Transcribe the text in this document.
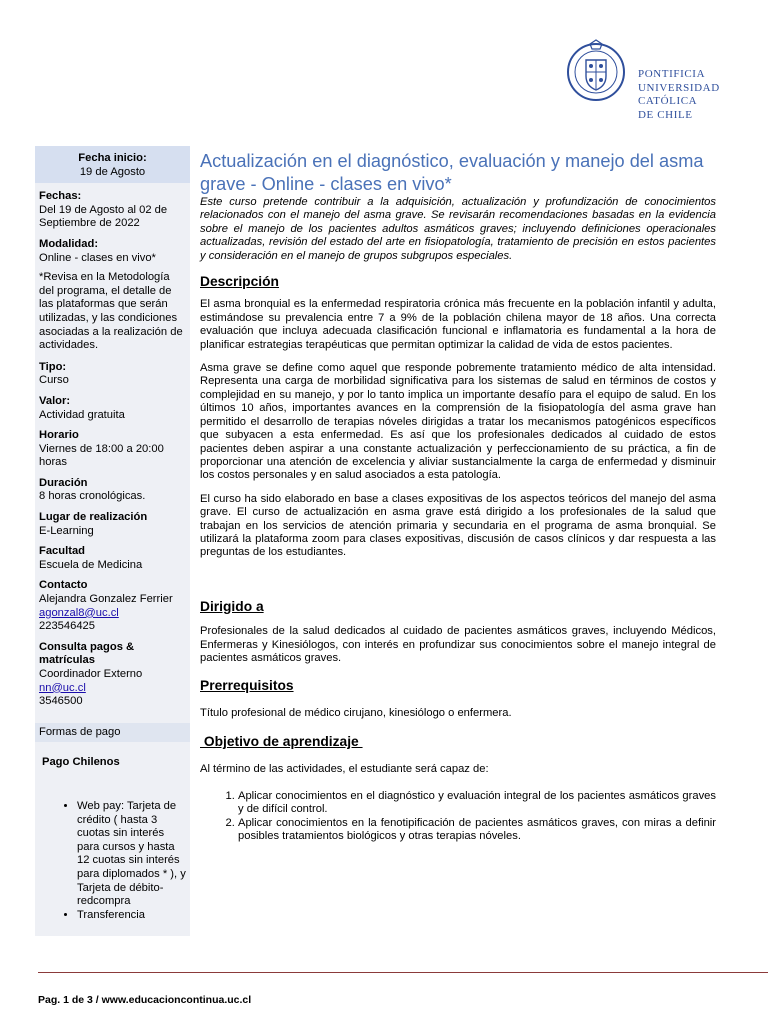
PONTIFICIA
UNIVERSIDAD
CATÓLICA
DE CHILE
Fecha inicio:
19 de Agosto
Fechas:
Del 19 de Agosto al 02 de Septiembre de 2022
Modalidad:
Online - clases en vivo*
*Revisa en la Metodología del programa, el detalle de las plataformas que serán utilizadas, y las condiciones asociadas a la realización de actividades.
Tipo:
Curso
Valor:
Actividad gratuita
Horario
Viernes de 18:00 a 20:00 horas
Duración
8 horas cronológicas.
Lugar de realización
E-Learning
Facultad
Escuela de Medicina
Contacto
Alejandra Gonzalez Ferrier
agonzal8@uc.cl
223546425
Consulta pagos & matrículas
Coordinador Externo
nn@uc.cl
3546500
Formas de pago
Pago Chilenos
• Web pay: Tarjeta de crédito ( hasta 3 cuotas sin interés para cursos y hasta 12 cuotas sin interés para diplomados * ), y Tarjeta de débito-redcompra
• Transferencia
Actualización en el diagnóstico, evaluación y manejo del asma grave - Online - clases en vivo*

Este curso pretende contribuir a la adquisición, actualización y profundización de conocimientos relacionados con el manejo del asma grave. Se revisarán recomendaciones basadas en la evidencia sobre el manejo de los pacientes adultos asmáticos graves; incluyendo definiciones operacionales actualizadas, revisión del estado del arte en fisiopatología, tratamiento de precisión en estos pacientes y consideración en el manejo de grupos subgrupos especiales.

Descripción

El asma bronquial es la enfermedad respiratoria crónica más frecuente en la población infantil y adulta, estimándose su prevalencia entre 7 a 9% de la población chilena mayor de 18 años. Una correcta evaluación que incluya adecuada clasificación funcional e inflamatoria es fundamental a la hora de planificar estrategias terapéuticas que permitan optimizar la calidad de vida de estos pacientes.

Asma grave se define como aquel que responde pobremente tratamiento médico de alta intensidad. Representa una carga de morbilidad significativa para los sistemas de salud en términos de costos y complejidad en su manejo, y por lo tanto implica un importante desafío para el equipo de salud. En los últimos 10 años, importantes avances en la comprensión de la fisiopatología del asma grave han permitido el desarrollo de terapias nóveles dirigidas a tratar los mecanismos patogénicos específicos que subyacen a esta enfermedad. Es así que los profesionales dedicados al cuidado de estos pacientes deben aspirar a una constante actualización y perfeccionamiento de su práctica, a fin de proporcionar una atención de excelencia y aliviar sustancialmente la carga de enfermedad y disminuir los costos personales y en salud asociados a esta patología.

El curso ha sido elaborado en base a clases expositivas de los aspectos teóricos del manejo del asma grave. El curso de actualización en asma grave está dirigido a los profesionales de la salud que trabajan en los servicios de atención primaria y secundaria en el programa de asma bronquial. Se utilizará la plataforma zoom para clases expositivas, discusión de casos clínicos y dar respuesta a las preguntas de los estudiantes.

Dirigido a

Profesionales de la salud dedicados al cuidado de pacientes asmáticos graves, incluyendo Médicos, Enfermeras y Kinesiólogos, con interés en profundizar sus conocimientos sobre el manejo integral de pacientes asmáticos graves.

Prerrequisitos

Título profesional de médico cirujano, kinesiólogo o enfermera.

Objetivo de aprendizaje

Al término de las actividades, el estudiante será capaz de:

1. Aplicar conocimientos en el diagnóstico y evaluación integral de los pacientes asmáticos graves y de difícil control.
2. Aplicar conocimientos en la fenotipificación de pacientes asmáticos graves, con miras a definir posibles tratamientos biológicos y otras terapias nóveles.
Pag. 1 de 3 / www.educacioncontinua.uc.cl
